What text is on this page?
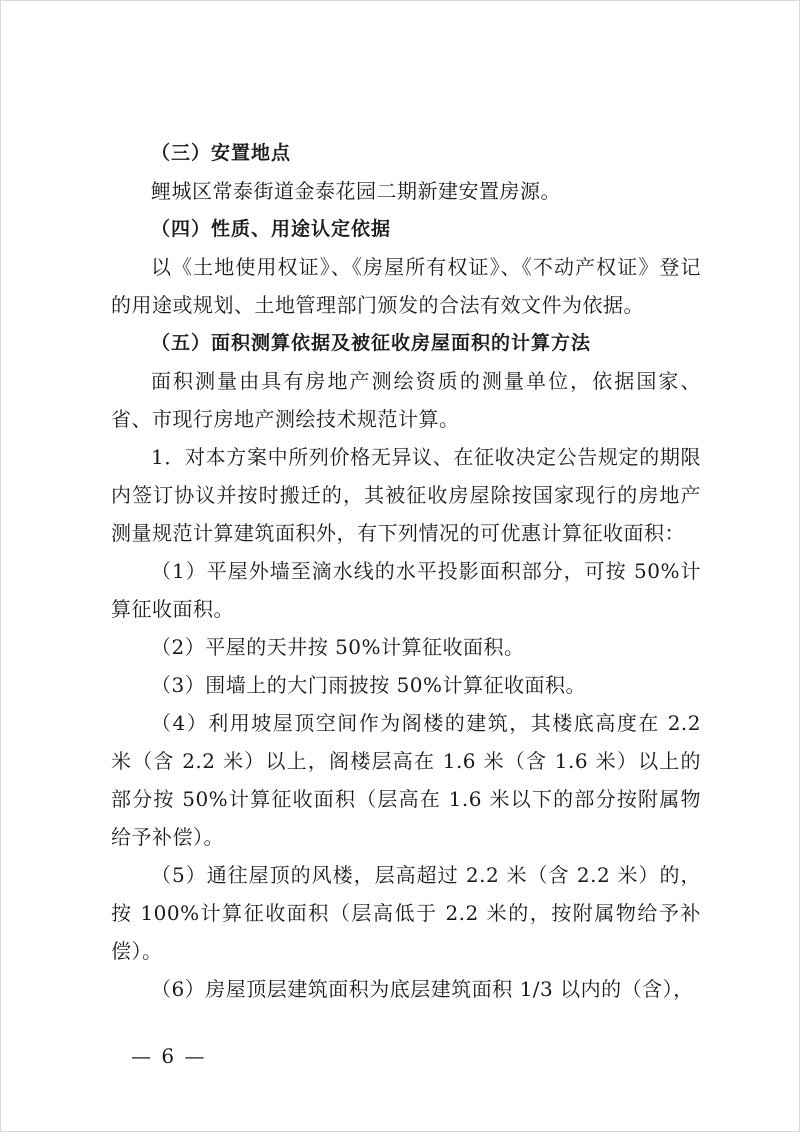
（三）安置地点

鲤城区常泰街道金泰花园二期新建安置房源。

（四）性质、用途认定依据

以《土地使用权证》、《房屋所有权证》、《不动产权证》登记的用途或规划、土地管理部门颁发的合法有效文件为依据。

（五）面积测算依据及被征收房屋面积的计算方法

面积测量由具有房地产测绘资质的测量单位，依据国家、省、市现行房地产测绘技术规范计算。

1．对本方案中所列价格无异议、在征收决定公告规定的期限内签订协议并按时搬迁的，其被征收房屋除按国家现行的房地产测量规范计算建筑面积外，有下列情况的可优惠计算征收面积：

（1）平屋外墙至滴水线的水平投影面积部分，可按 50%计算征收面积。

（2）平屋的天井按 50%计算征收面积。

（3）围墙上的大门雨披按 50%计算征收面积。

（4）利用坡屋顶空间作为阁楼的建筑，其楼底高度在 2.2 米（含 2.2 米）以上，阁楼层高在 1.6 米（含 1.6 米）以上的部分按 50%计算征收面积（层高在 1.6 米以下的部分按附属物给予补偿）。

（5）通往屋顶的风楼，层高超过 2.2 米（含 2.2 米）的，按 100%计算征收面积（层高低于 2.2 米的，按附属物给予补偿）。

（6）房屋顶层建筑面积为底层建筑面积 1/3 以内的（含），

— 6 —
